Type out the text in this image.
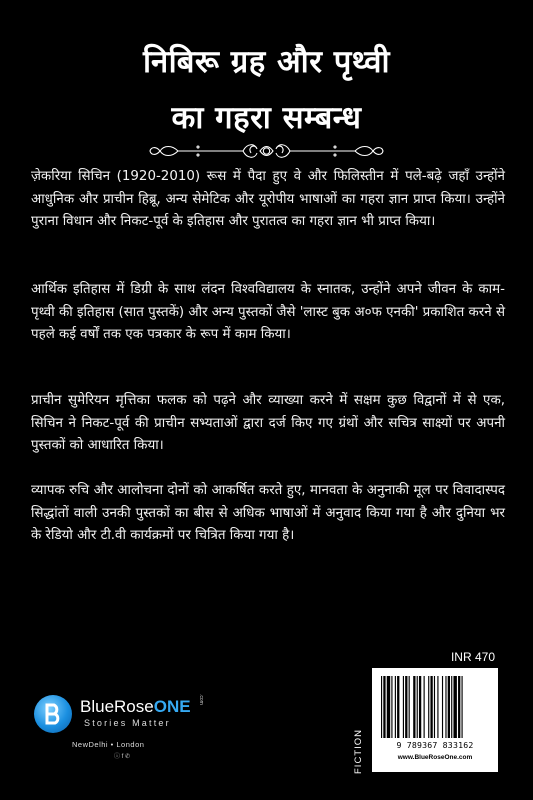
निबिरू ग्रह और पृथ्वी
का गहरा सम्बन्ध

ज़ेकरिया सिचिन (1920-2010) रूस में पैदा हुए वे और फिलिस्तीन में पले-बढ़े जहाँ उन्होंने आधुनिक और प्राचीन हिब्रू, अन्य सेमेटिक और यूरोपीय भाषाओं का गहरा ज्ञान प्राप्त किया। उन्होंने पुराना विधान और निकट-पूर्व के इतिहास और पुरातत्व का गहरा ज्ञान भी प्राप्त किया।

आर्थिक इतिहास में डिग्री के साथ लंदन विश्वविद्यालय के स्नातक, उन्होंने अपने जीवन के काम- पृथ्वी की इतिहास (सात पुस्तकें) और अन्य पुस्तकों जैसे 'लास्ट बुक अ०फ एनकी' प्रकाशित करने से पहले कई वर्षों तक एक पत्रकार के रूप में काम किया।

प्राचीन सुमेरियन मृत्तिका फलक को पढ़ने और व्याख्या करने में सक्षम कुछ विद्वानों में से एक, सिचिन ने निकट-पूर्व की प्राचीन सभ्यताओं द्वारा दर्ज किए गए ग्रंथों और सचित्र साक्ष्यों पर अपनी पुस्तकों को आधारित किया।

व्यापक रुचि और आलोचना दोनों को आकर्षित करते हुए, मानवता के अनुनाकी मूल पर विवादास्पद सिद्धांतों वाली उनकी पुस्तकों का बीस से अधिक भाषाओं में अनुवाद किया गया है और दुनिया भर के रेडियो और टी.वी कार्यक्रमों पर चित्रित किया गया है।

INR 470
BlueRoseONE .com
Stories Matter
NewDelhi • London
ⓘ f ✆	FICTION	9 789367 833162
www.BlueRoseOne.com
